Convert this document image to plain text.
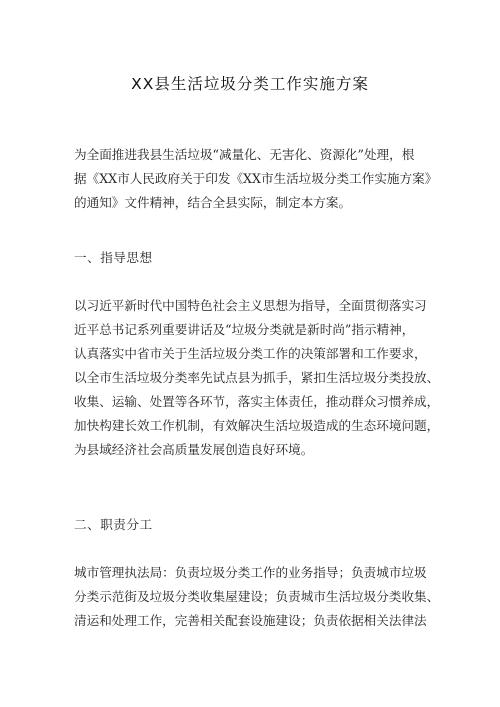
XX县生活垃圾分类工作实施方案

为全面推进我县生活垃圾“减量化、无害化、资源化”处理，根
据《XX市人民政府关于印发《XX市生活垃圾分类工作实施方案》
的通知》文件精神，结合全县实际，制定本方案。

一、指导思想

以习近平新时代中国特色社会主义思想为指导，全面贯彻落实习
近平总书记系列重要讲话及“垃圾分类就是新时尚”指示精神，
认真落实中省市关于生活垃圾分类工作的决策部署和工作要求，
以全市生活垃圾分类率先试点县为抓手，紧扣生活垃圾分类投放、
收集、运输、处置等各环节，落实主体责任，推动群众习惯养成，
加快构建长效工作机制，有效解决生活垃圾造成的生态环境问题，
为县域经济社会高质量发展创造良好环境。

二、职责分工

城市管理执法局：负责垃圾分类工作的业务指导；负责城市垃圾
分类示范街及垃圾分类收集屋建设；负责城市生活垃圾分类收集、
清运和处理工作，完善相关配套设施建设；负责依据相关法律法
